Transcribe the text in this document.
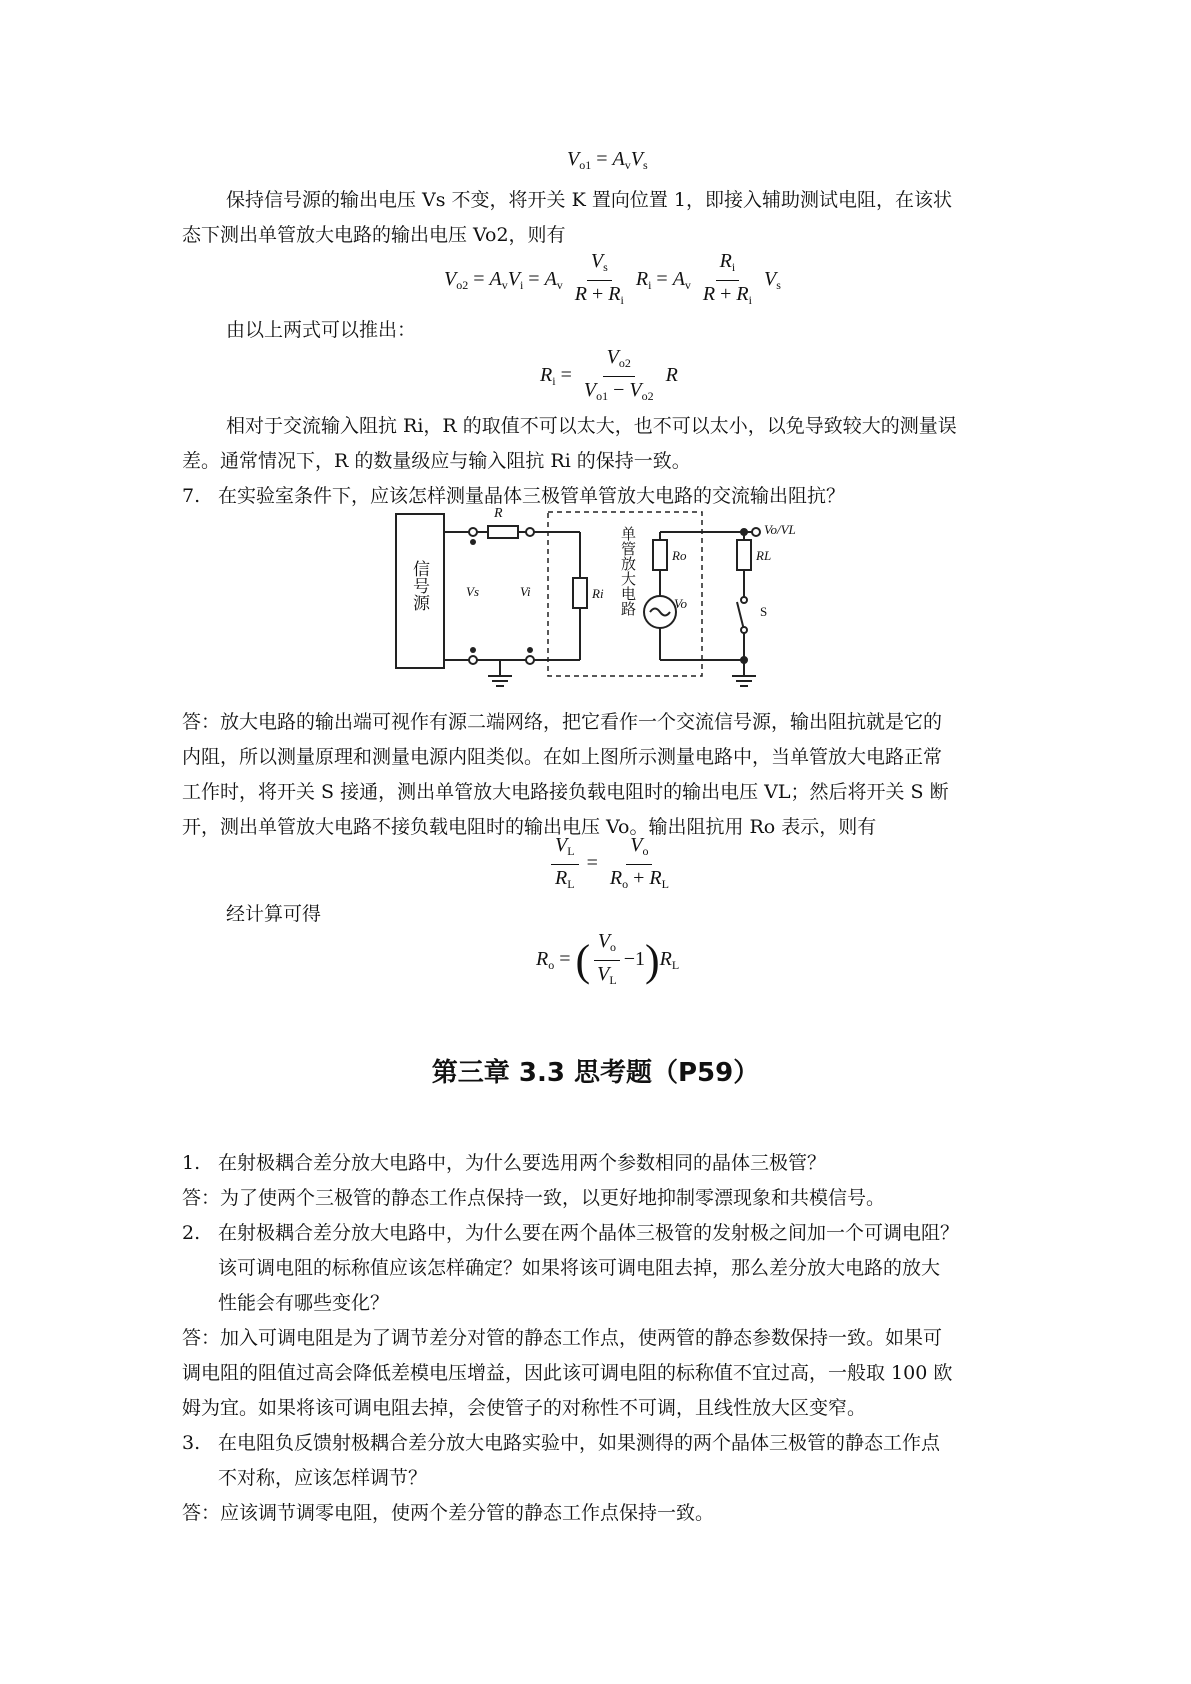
$V_{o1} = A_vV_s$
保持信号源的输出电压 Vs 不变，将开关 K 置向位置 1，即接入辅助测试电阻，在该状
态下测出单管放大电路的输出电压 Vo2，则有
$V_{o2} = A_vV_i = A_v \frac{V_s}{R + R_i} R_i = A_v \frac{R_i}{R + R_i} V_s$
由以上两式可以推出：
$R_i = \frac{V_{o2}}{V_{o1} - V_{o2}}$ R
相对于交流输入阻抗 Ri，R 的取值不可以太大，也不可以太小，以免导致较大的测量误
差。通常情况下，R 的数量级应与输入阻抗 Ri 的保持一致。
7. 在实验室条件下，应该怎样测量晶体三极管单管放大电路的交流输出阻抗？
信号源
R
Vs	Vi	Ri 单管放大电路	Ro
Vo
RL
S
Vo/VL
答：放大电路的输出端可视作有源二端网络，把它看作一个交流信号源，输出阻抗就是它的
内阻，所以测量原理和测量电源内阻类似。在如上图所示测量电路中，当单管放大电路正常
工作时，将开关 S 接通，测出单管放大电路接负载电阻时的输出电压 VL；然后将开关 S 断
开，测出单管放大电路不接负载电阻时的输出电压 Vo。输出阻抗用 Ro 表示，则有
$\frac{V_L}{R_L} = \frac{V_o}{R_o + R_L}$
经计算可得
$R_o$ = ( $\frac{V_o}{V_L} -1)R_L$
第三章 3.3 思考题（P59）
1. 在射极耦合差分放大电路中，为什么要选用两个参数相同的晶体三极管？
答：为了使两个三极管的静态工作点保持一致，以更好地抑制零漂现象和共模信号。
2. 在射极耦合差分放大电路中，为什么要在两个晶体三极管的发射极之间加一个可调电阻？
该可调电阻的标称值应该怎样确定？如果将该可调电阻去掉，那么差分放大电路的放大
性能会有哪些变化？
答：加入可调电阻是为了调节差分对管的静态工作点，使两管的静态参数保持一致。如果可
调电阻的阻值过高会降低差模电压增益，因此该可调电阻的标称值不宜过高，一般取 100 欧
姆为宜。如果将该可调电阻去掉，会使管子的对称性不可调，且线性放大区变窄。
3. 在电阻负反馈射极耦合差分放大电路实验中，如果测得的两个晶体三极管的静态工作点
不对称，应该怎样调节？
答：应该调节调零电阻，使两个差分管的静态工作点保持一致。
